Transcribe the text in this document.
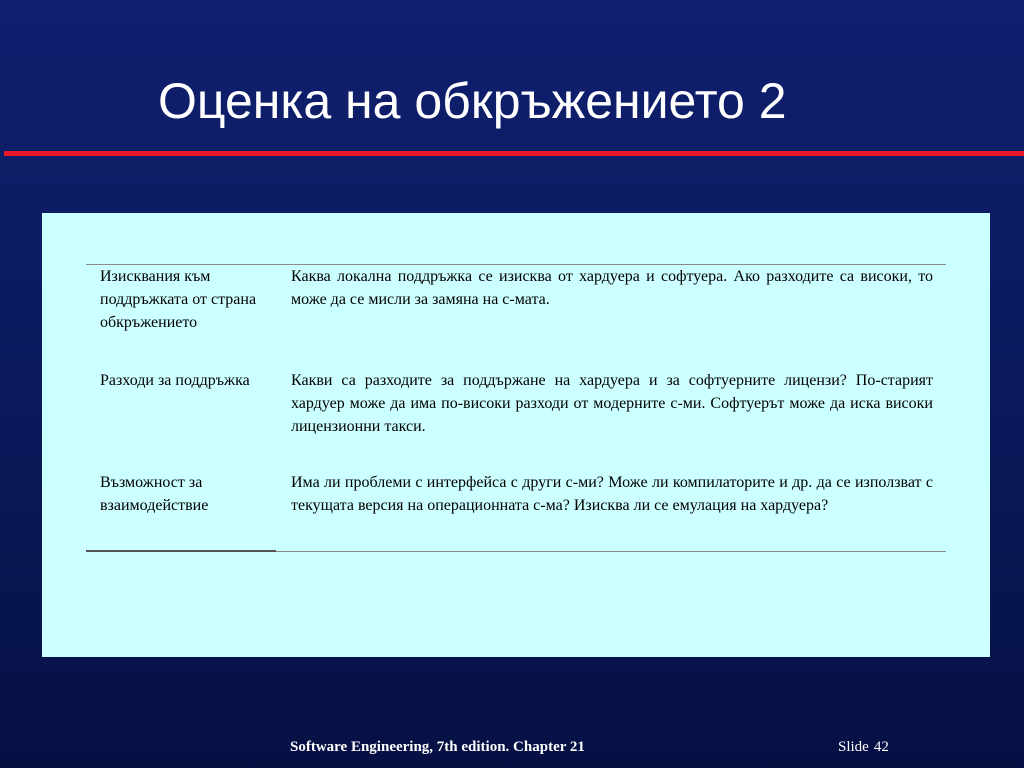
Оценка на обкръжението 2
Изисквания към поддръжката от страна обкръжението
Каква локална поддръжка се изисква от хардуера и софтуера. Ако разходите са високи, то може да се мисли за замяна на с-мата.
Разходи за поддръжка	Какви са разходите за поддържане на хардуера и за софтуерните лицензи? По-старият хардуер може да има по-високи разходи от модерните с-ми. Софтуерът може да иска високи лицензионни такси.
Възможност за взаимодействие
Има ли проблеми с интерфейса с други с-ми? Може ли компилаторите и др. да се използват с текущата версия на операционната с-ма? Изисква ли се емулация на хардуера?
Software Engineering, 7th edition. Chapter 21	Slide 42
